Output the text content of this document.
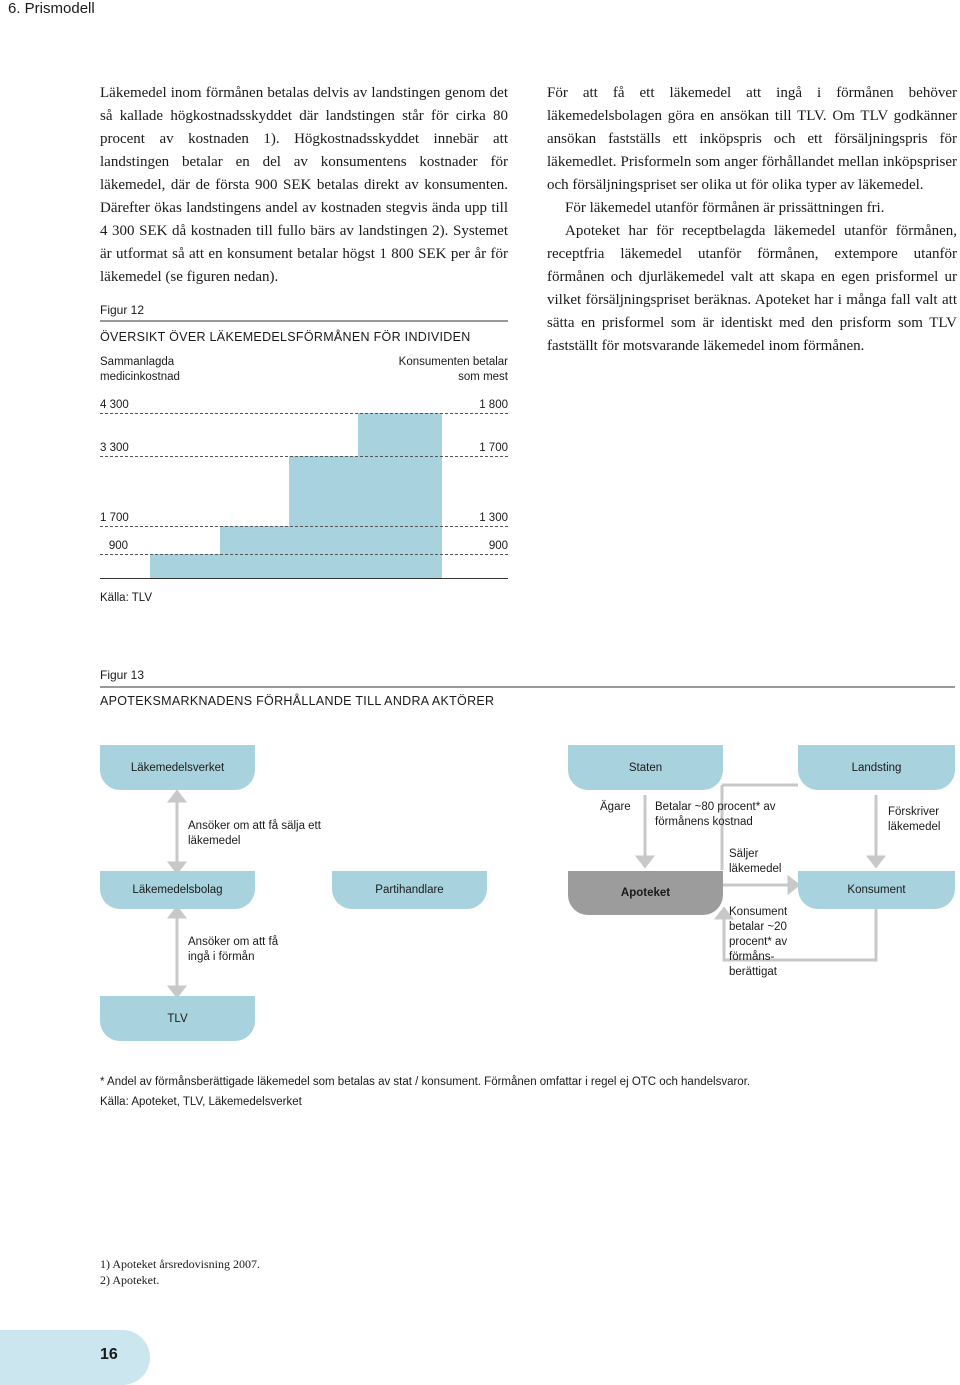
6. Prismodell

Läkemedel inom förmånen betalas delvis av landstingen genom det så kallade högkostnadsskyddet där landstingen står för cirka 80 procent av kostnaden 1). Högkostnadsskyddet innebär att landstingen betalar en del av konsumentens kostnader för läkemedel, där de första 900 SEK betalas direkt av konsumenten. Därefter ökas landstingens andel av kostnaden stegvis ända upp till 4 300 SEK då kostnaden till fullo bärs av landstingen 2). Systemet är utformat så att en konsument betalar högst 1 800 SEK per år för läkemedel (se figuren nedan).

För att få ett läkemedel att ingå i förmånen behöver läkemedelsbolagen göra en ansökan till TLV. Om TLV godkänner ansökan fastställs ett inköpspris och ett försäljningspris för läkemedlet. Prisformeln som anger förhållandet mellan inköpspriser och försäljningspriset ser olika ut för olika typer av läkemedel.

För läkemedel utanför förmånen är prissättningen fri.

Apoteket har för receptbelagda läkemedel utanför förmånen, receptfria läkemedel utanför förmånen, extempore utanför förmånen och djurläkemedel valt att skapa en egen prisformel ur vilket försäljningspriset beräknas. Apoteket har i många fall valt att sätta en prisformel som är identiskt med den prisform som TLV fastställt för motsvarande läkemedel inom förmånen.

Figur 12
ÖVERSIKT ÖVER LÄKEMEDELSFÖRMÅNEN FÖR INDIVIDEN
Sammanlagda medicinkostnad
Konsumenten betalar som mest
4 300	1 800
3 300	1 700
1 700	1 300
900	900
Källa: TLV
Figur 13
APOTEKSMARKNADENS FÖRHÅLLANDE TILL ANDRA AKTÖRER
Läkemedelsverket	Staten	Landsting
Läkemedelsbolag	Partihandlare	Apoteket	Konsument
TLV
Ansöker om att få sälja ett läkemedel
Ansöker om att få ingå i förmån
Ägare Betalar ~80 procent* av förmånens kostnad
Säljer läkemedel
Förskriver läkemedel
Konsument betalar ~20 procent* av förmåns-berättigat
* Andel av förmånsberättigade läkemedel som betalas av stat / konsument. Förmånen omfattar i regel ej OTC och handelsvaror.
Källa: Apoteket, TLV, Läkemedelsverket
1) Apoteket årsredovisning 2007.
2) Apoteket.
16
